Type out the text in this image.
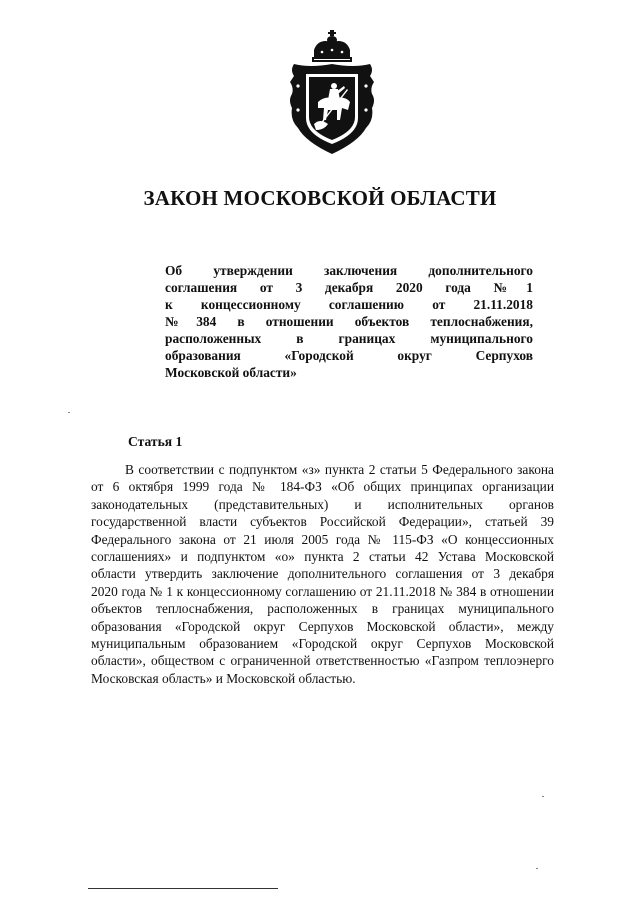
ЗАКОН МОСКОВСКОЙ ОБЛАСТИ
Об утверждении заключения дополнительного
соглашения от 3 декабря 2020 года №1
к концессионному соглашению от 21.11.2018
№384 в отношении объектов теплоснабжения,
расположенных в границах муниципального
образования «Городской округ Серпухов
Московской области»
Статья 1
В соответствии с подпунктом «з» пункта 2 статьи 5 Федерального закона
от 6 октября 1999 года № 184-ФЗ «Об общих принципах организации
законодательных (представительных) и исполнительных органов
государственной власти субъектов Российской Федерации», статьей 39
Федерального закона от 21 июля 2005 года № 115-ФЗ «О концессионных
соглашениях» и подпунктом «о» пункта 2 статьи 42 Устава Московской
области утвердить заключение дополнительного соглашения от 3 декабря
2020 года № 1 к концессионному соглашению от 21.11.2018 № 384 в отношении
объектов теплоснабжения, расположенных в границах муниципального
образования «Городской округ Серпухов Московской области», между
муниципальным образованием «Городской округ Серпухов Московской
области», обществом с ограниченной ответственностью «Газпром теплоэнерго
Московская область» и Московской областью.
